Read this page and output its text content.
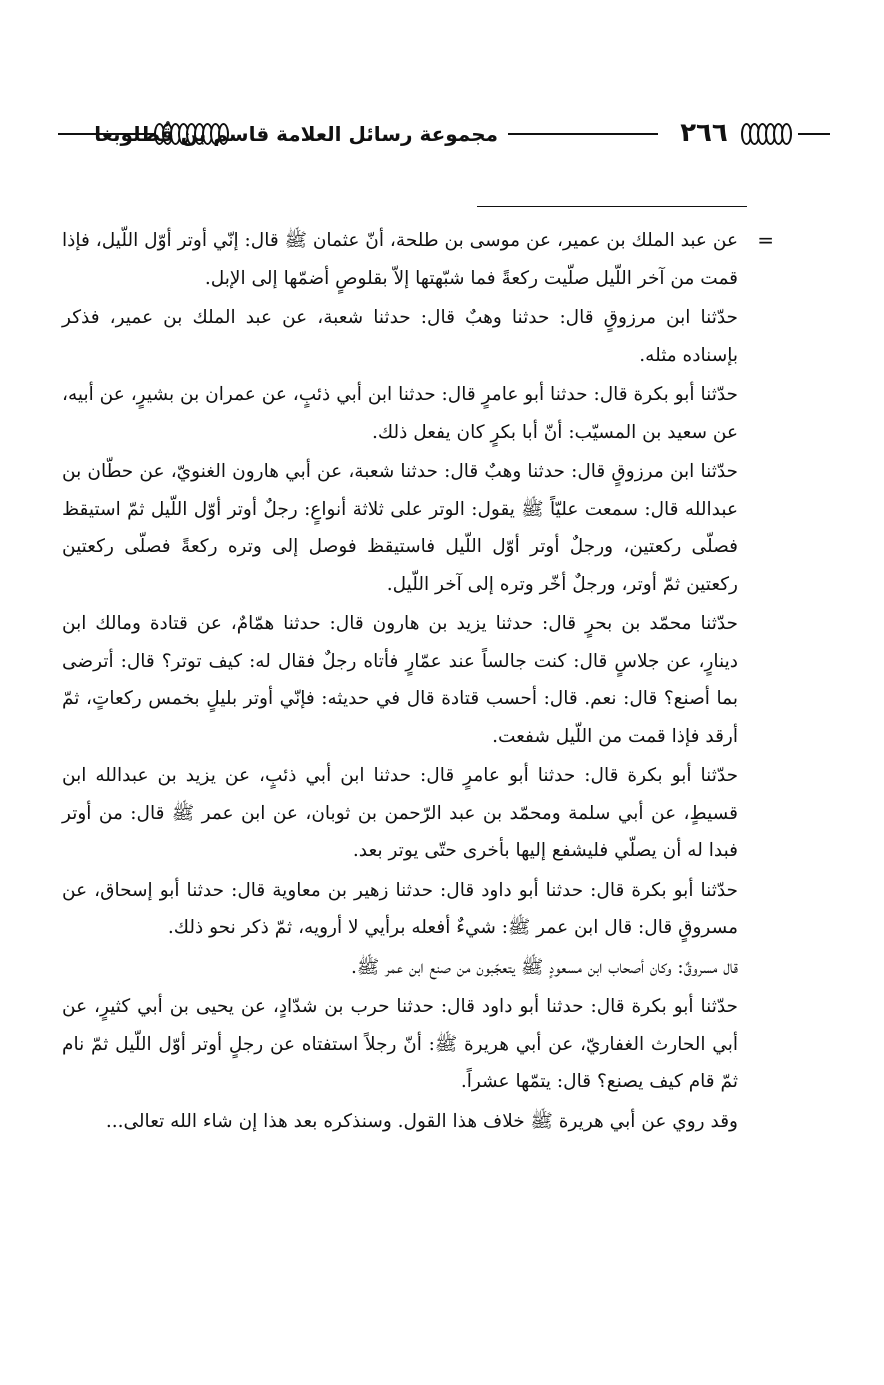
مجموعة رسائل العلامة قاسم بن قُطلوبغا	٢٦٦
=

عن عبد الملك بن عمير، عن موسى بن طلحة، أنّ عثمان ﷺ قال: إنّي أوتر أوّل اللّيل، فإذا قمت من آخر اللّيل صلّيت ركعةً فما شبّهتها إلاّ بقلوصٍ أضمّها إلى الإبل.

حدّثنا ابن مرزوقٍ قال: حدثنا وهبٌ قال: حدثنا شعبة، عن عبد الملك بن عمير، فذكر بإسناده مثله.

حدّثنا أبو بكرة قال: حدثنا أبو عامرٍ قال: حدثنا ابن أبي ذئبٍ، عن عمران بن بشيرٍ، عن أبيه، عن سعيد بن المسيّب: أنّ أبا بكرٍ كان يفعل ذلك.

حدّثنا ابن مرزوقٍ قال: حدثنا وهبٌ قال: حدثنا شعبة، عن أبي هارون الغنويّ، عن حطّان بن عبدالله قال: سمعت عليّاً ﷺ يقول: الوتر على ثلاثة أنواعٍ: رجلٌ أوتر أوّل اللّيل ثمّ استيقظ فصلّى ركعتين، ورجلٌ أوتر أوّل اللّيل فاستيقظ فوصل إلى وتره ركعةً فصلّى ركعتين ركعتين ثمّ أوتر، ورجلٌ أخّر وتره إلى آخر اللّيل.

حدّثنا محمّد بن بحرٍ قال: حدثنا يزيد بن هارون قال: حدثنا همّامٌ، عن قتادة ومالك ابن دينارٍ، عن جلاسٍ قال: كنت جالساً عند عمّارٍ فأتاه رجلٌ فقال له: كيف توتر؟ قال: أترضى بما أصنع؟ قال: نعم. قال: أحسب قتادة قال في حديثه: فإنّي أوتر بليلٍ بخمس ركعاتٍ، ثمّ أرقد فإذا قمت من اللّيل شفعت.

حدّثنا أبو بكرة قال: حدثنا أبو عامرٍ قال: حدثنا ابن أبي ذئبٍ، عن يزيد بن عبدالله ابن قسيطٍ، عن أبي سلمة ومحمّد بن عبد الرّحمن بن ثوبان، عن ابن عمر ﷺ قال: من أوتر فبدا له أن يصلّي فليشفع إليها بأخرى حتّى يوتر بعد.

حدّثنا أبو بكرة قال: حدثنا أبو داود قال: حدثنا زهير بن معاوية قال: حدثنا أبو إسحاق، عن مسروقٍ قال: قال ابن عمر ﷺ: شيءٌ أفعله برأيي لا أرويه، ثمّ ذكر نحو ذلك.

قال مسروقٌ: وكان أصحاب ابن مسعودٍ ﷺ يتعجّبون من صنع ابن عمر ﷺ.

حدّثنا أبو بكرة قال: حدثنا أبو داود قال: حدثنا حرب بن شدّادٍ، عن يحيى بن أبي كثيرٍ، عن أبي الحارث الغفاريّ، عن أبي هريرة ﷺ: أنّ رجلاً استفتاه عن رجلٍ أوتر أوّل اللّيل ثمّ نام ثمّ قام كيف يصنع؟ قال: يتمّها عشراً.

وقد روي عن أبي هريرة ﷺ خلاف هذا القول. وسنذكره بعد هذا إن شاء الله تعالى...
